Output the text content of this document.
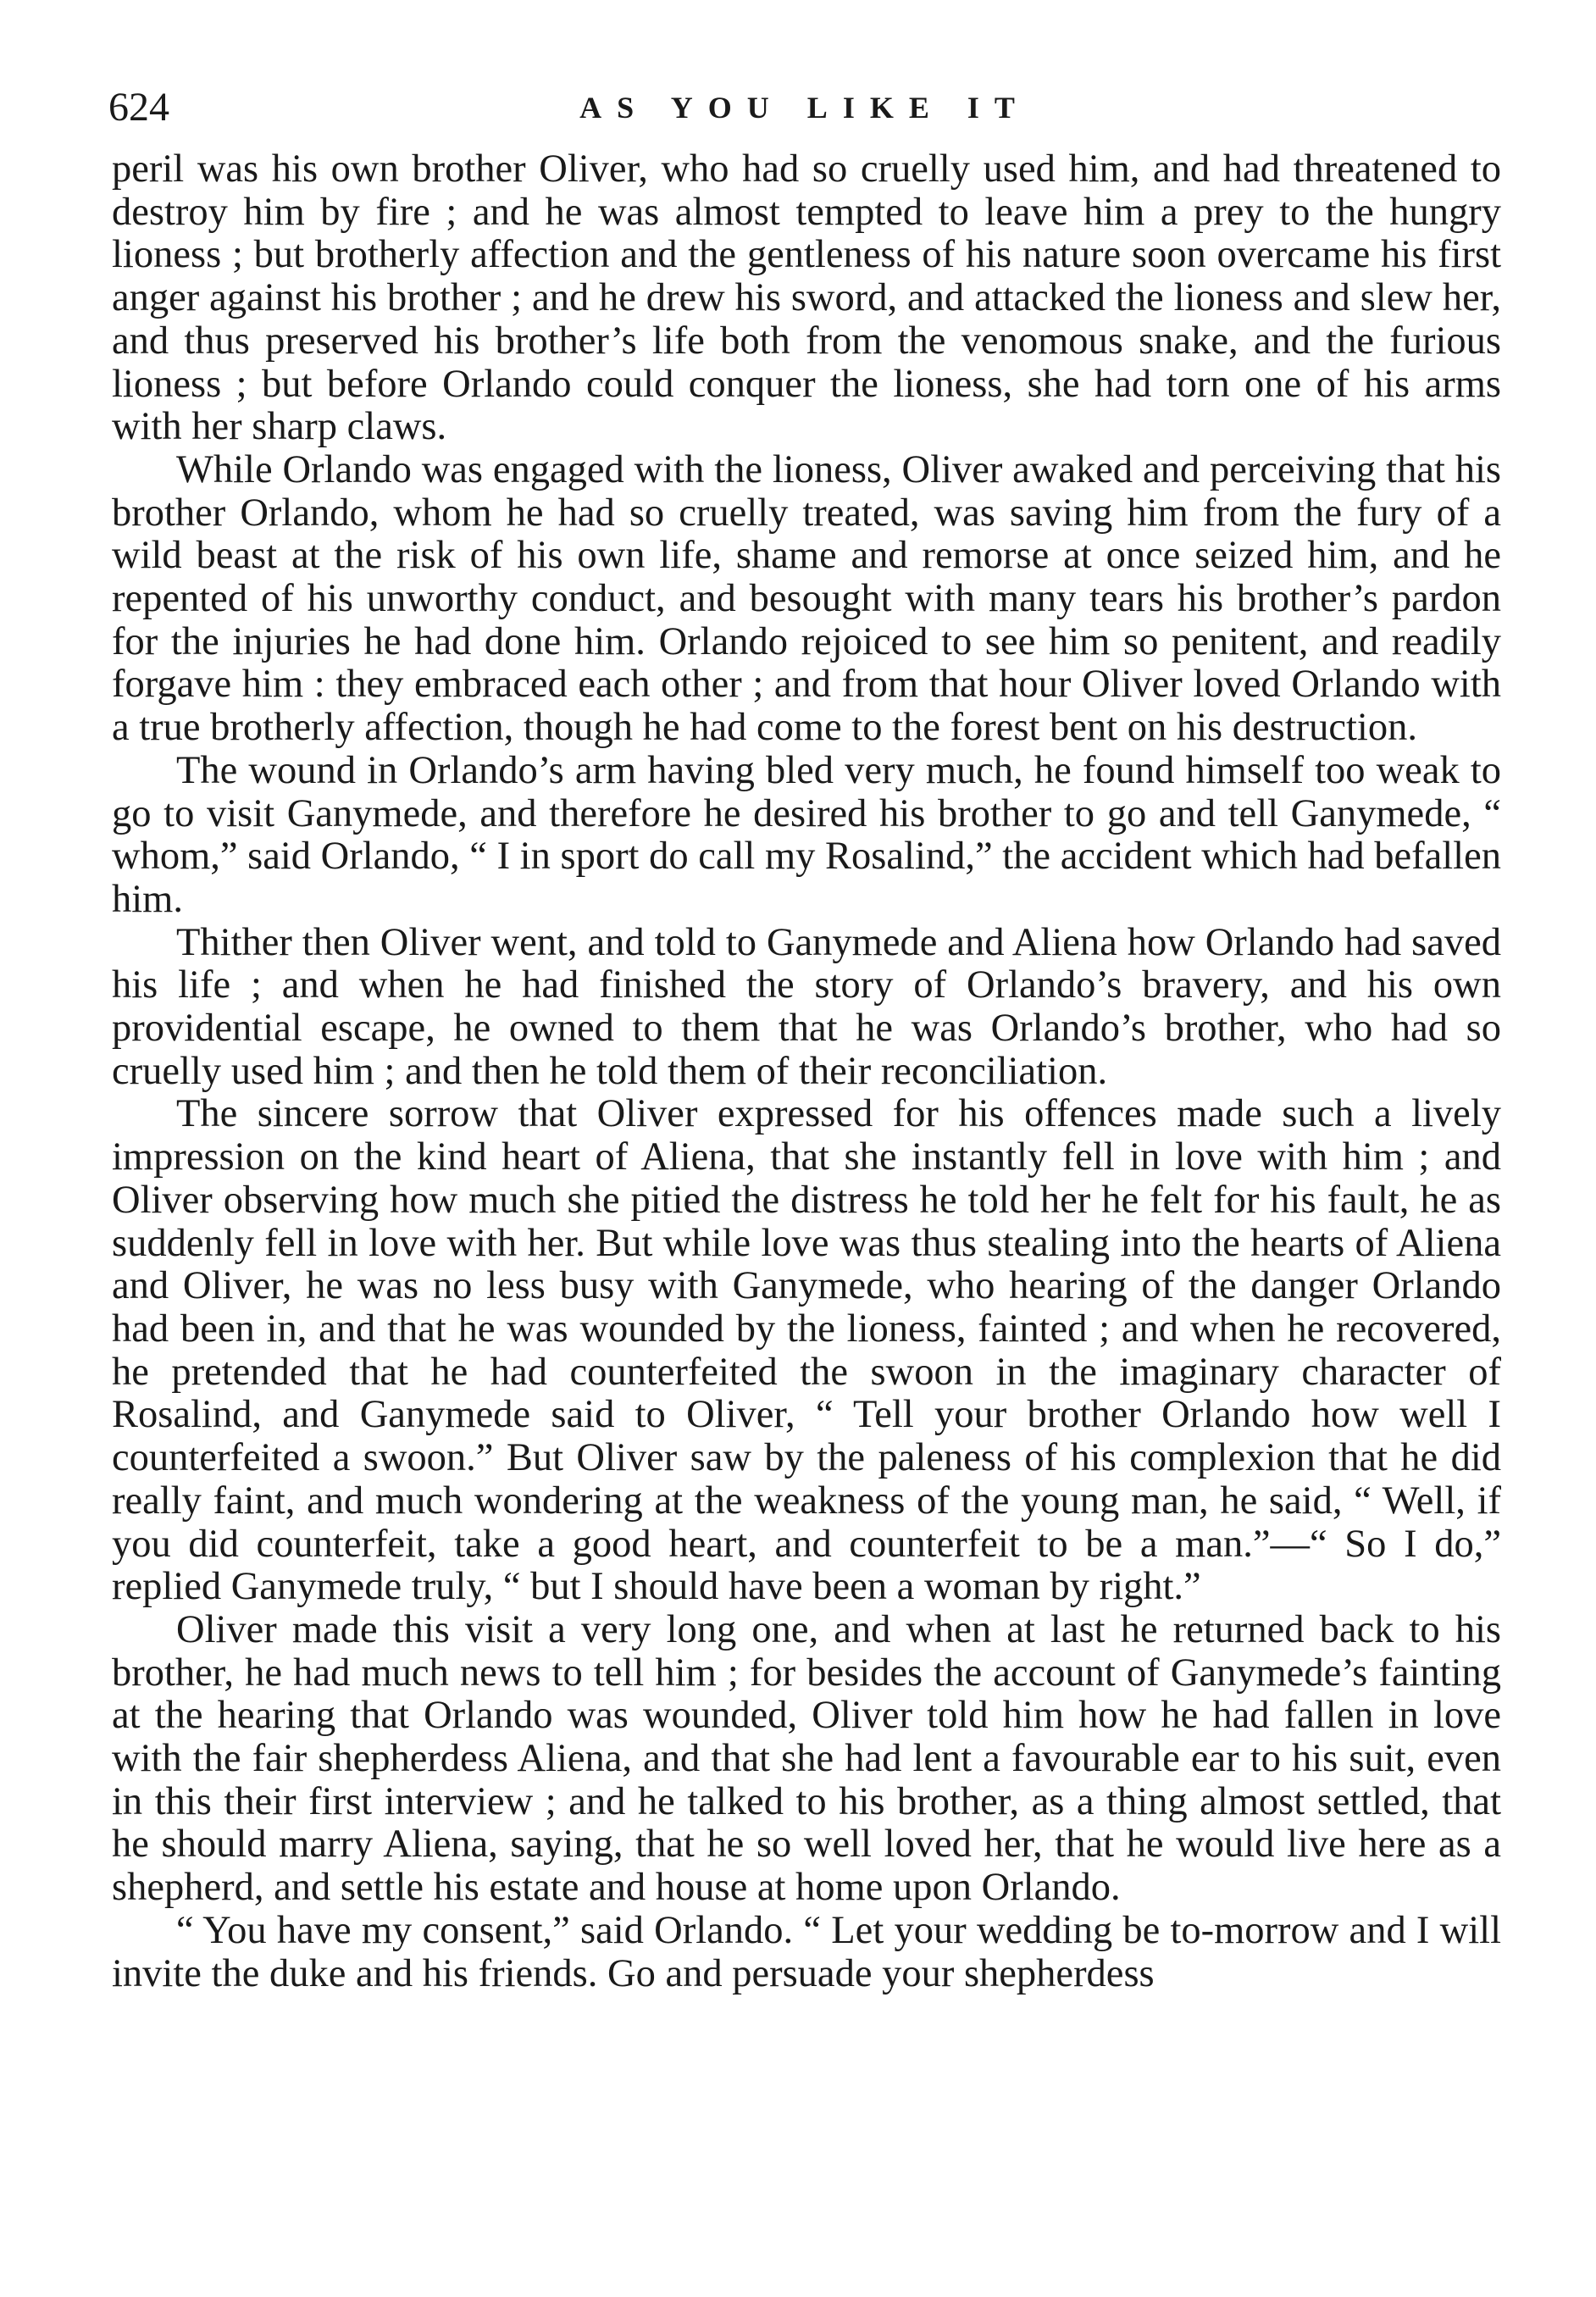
624	AS YOU LIKE IT

peril was his own brother Oliver, who had so cruelly used him, and had threatened to destroy him by fire ; and he was almost tempted to leave him a prey to the hungry lioness ; but brotherly affection and the gentleness of his nature soon overcame his first anger against his brother ; and he drew his sword, and attacked the lioness and slew her, and thus preserved his brother’s life both from the venomous snake, and the furious lioness ; but before Orlando could conquer the lioness, she had torn one of his arms with her sharp claws.

While Orlando was engaged with the lioness, Oliver awaked and perceiving that his brother Orlando, whom he had so cruelly treated, was saving him from the fury of a wild beast at the risk of his own life, shame and remorse at once seized him, and he repented of his unworthy conduct, and besought with many tears his brother’s pardon for the injuries he had done him. Orlando rejoiced to see him so penitent, and readily forgave him : they embraced each other ; and from that hour Oliver loved Orlando with a true brotherly affection, though he had come to the forest bent on his destruction.

The wound in Orlando’s arm having bled very much, he found himself too weak to go to visit Ganymede, and therefore he desired his brother to go and tell Ganymede, “ whom,” said Orlando, “ I in sport do call my Rosalind,” the accident which had befallen him.

Thither then Oliver went, and told to Ganymede and Aliena how Orlando had saved his life ; and when he had finished the story of Orlando’s bravery, and his own providential escape, he owned to them that he was Orlando’s brother, who had so cruelly used him ; and then he told them of their reconciliation.

The sincere sorrow that Oliver expressed for his offences made such a lively impression on the kind heart of Aliena, that she instantly fell in love with him ; and Oliver observing how much she pitied the distress he told her he felt for his fault, he as suddenly fell in love with her. But while love was thus stealing into the hearts of Aliena and Oliver, he was no less busy with Ganymede, who hearing of the danger Orlando had been in, and that he was wounded by the lioness, fainted ; and when he recovered, he pretended that he had counterfeited the swoon in the imaginary character of Rosalind, and Ganymede said to Oliver, “ Tell your brother Orlando how well I counterfeited a swoon.” But Oliver saw by the paleness of his complexion that he did really faint, and much wondering at the weakness of the young man, he said, “ Well, if you did counterfeit, take a good heart, and counterfeit to be a man.”—“ So I do,” replied Ganymede truly, “ but I should have been a woman by right.”

Oliver made this visit a very long one, and when at last he returned back to his brother, he had much news to tell him ; for besides the account of Ganymede’s fainting at the hearing that Orlando was wounded, Oliver told him how he had fallen in love with the fair shepherdess Aliena, and that she had lent a favourable ear to his suit, even in this their first interview ; and he talked to his brother, as a thing almost settled, that he should marry Aliena, saying, that he so well loved her, that he would live here as a shepherd, and settle his estate and house at home upon Orlando.

“ You have my consent,” said Orlando. “ Let your wedding be to-morrow and I will invite the duke and his friends. Go and persuade your shepherdess
